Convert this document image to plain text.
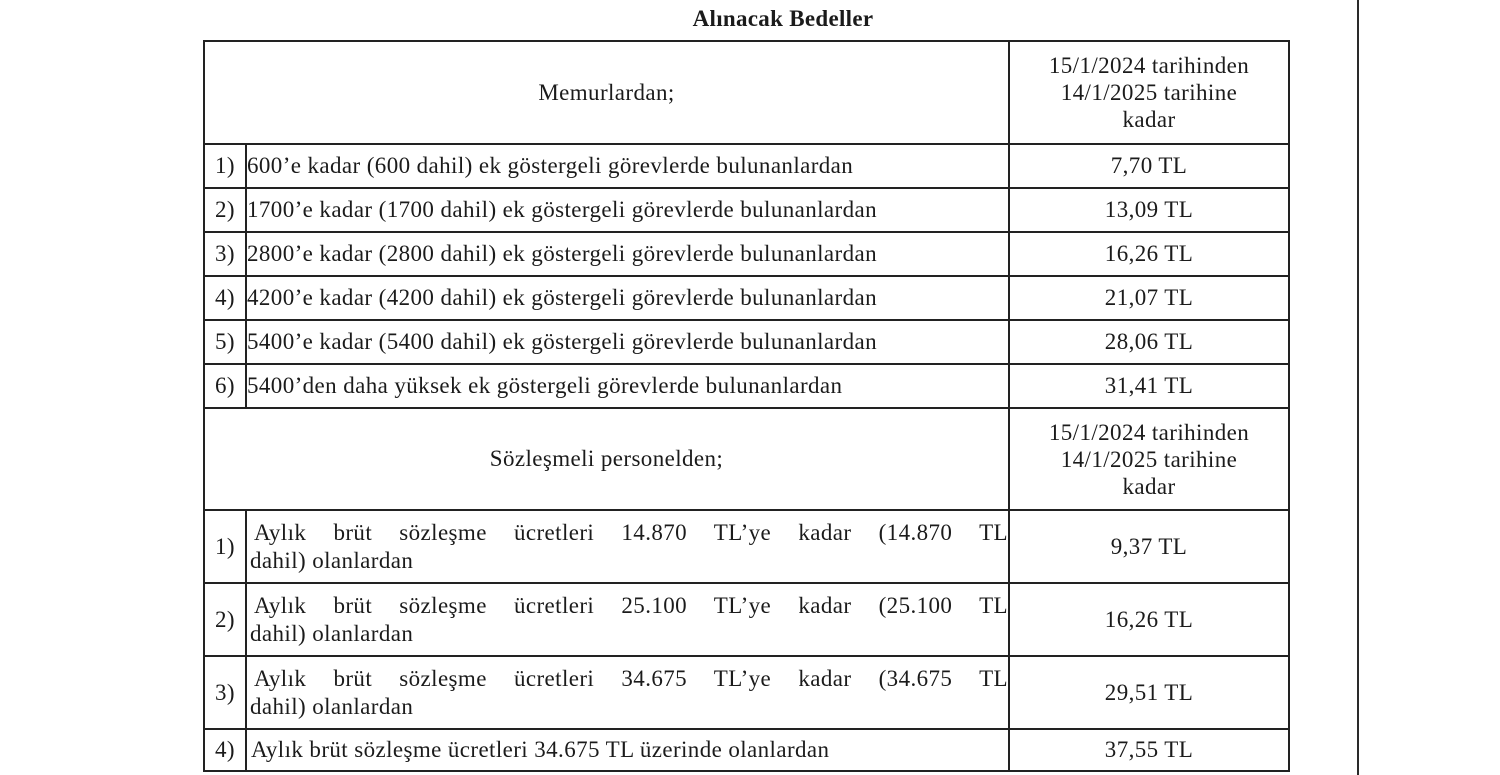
Alınacak Bedeller
Memurlardan;		15/1/2024 tarihinden
14/1/2025 tarihine
kadar

1)	600’e kadar (600 dahil) ek göstergeli görevlerde bulunanlardan	7,70 TL
2)	1700’e kadar (1700 dahil) ek göstergeli görevlerde bulunanlardan	13,09 TL
3)	2800’e kadar (2800 dahil) ek göstergeli görevlerde bulunanlardan	16,26 TL
4)	4200’e kadar (4200 dahil) ek göstergeli görevlerde bulunanlardan	21,07 TL
5)	5400’e kadar (5400 dahil) ek göstergeli görevlerde bulunanlardan	28,06 TL
6)	5400’den daha yüksek ek göstergeli görevlerde bulunanlardan	31,41 TL
Sözleşmeli personelden;		15/1/2024 tarihinden
14/1/2025 tarihine
kadar

1)	Aylık brüt sözleşme ücretleri 14.870 TL’ye kadar (14.870 TL
dahil) olanlardan	9,37 TL
2)	Aylık brüt sözleşme ücretleri 25.100 TL’ye kadar (25.100 TL
dahil) olanlardan	16,26 TL
3)	Aylık brüt sözleşme ücretleri 34.675 TL’ye kadar (34.675 TL
dahil) olanlardan	29,51 TL
4)	Aylık brüt sözleşme ücretleri 34.675 TL üzerinde olanlardan	37,55 TL
